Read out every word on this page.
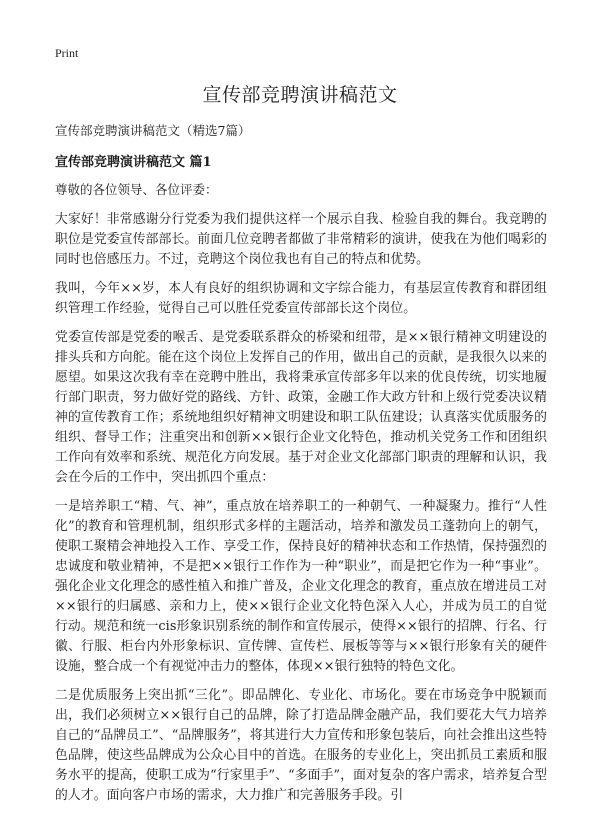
Print
宣传部竞聘演讲稿范文
宣传部竞聘演讲稿范文（精选7篇）
宣传部竞聘演讲稿范文 篇1
尊敬的各位领导、各位评委：

大家好！非常感谢分行党委为我们提供这样一个展示自我、检验自我的舞台。我竞聘的职位是党委宣传部部长。前面几位竞聘者都做了非常精彩的演讲，使我在为他们喝彩的同时也倍感压力。不过，竞聘这个岗位我也有自己的特点和优势。

我叫，今年××岁，本人有良好的组织协调和文字综合能力，有基层宣传教育和群团组织管理工作经验，觉得自己可以胜任党委宣传部部长这个岗位。

党委宣传部是党委的喉舌、是党委联系群众的桥梁和纽带，是××银行精神文明建设的排头兵和方向舵。能在这个岗位上发挥自己的作用，做出自己的贡献，是我很久以来的愿望。如果这次我有幸在竞聘中胜出，我将秉承宣传部多年以来的优良传统，切实地履行部门职责，努力做好党的路线、方针、政策，金融工作大政方针和上级行党委决议精神的宣传教育工作；系统地组织好精神文明建设和职工队伍建设；认真落实优质服务的组织、督导工作；注重突出和创新××银行企业文化特色，推动机关党务工作和团组织工作向有效率和系统、规范化方向发展。基于对企业文化部部门职责的理解和认识，我会在今后的工作中，突出抓四个重点：

一是培养职工“精、气、神”，重点放在培养职工的一种朝气、一种凝聚力。推行“人性化”的教育和管理机制，组织形式多样的主题活动，培养和激发员工蓬勃向上的朝气，使职工聚精会神地投入工作、享受工作，保持良好的精神状态和工作热情，保持强烈的忠诚度和敬业精神，不是把××银行工作作为一种“职业”，而是把它作为一种“事业”。强化企业文化理念的感性植入和推广普及，企业文化理念的教育，重点放在增进员工对××银行的归属感、亲和力上，使××银行企业文化特色深入人心，并成为员工的自觉行动。规范和统一cis形象识别系统的制作和宣传展示，使得××银行的招牌、行名、行徽、行服、柜台内外形象标识、宣传牌、宣传栏、展板等等与××银行形象有关的硬件设施，整合成一个有视觉冲击力的整体，体现××银行独特的特色文化。

二是优质服务上突出抓“三化”。即品牌化、专业化、市场化。要在市场竞争中脱颖而出，我们必须树立××银行自己的品牌，除了打造品牌金融产品，我们要花大气力培养自己的“品牌员工”、“品牌服务”，将其进行大力宣传和形象包装后，向社会推出这些特色品牌，使这些品牌成为公众心目中的首选。在服务的专业化上，突出抓员工素质和服务水平的提高，使职工成为“行家里手”、“多面手”，面对复杂的客户需求，培养复合型的人才。面向客户市场的需求，大力推广和完善服务手段。引
